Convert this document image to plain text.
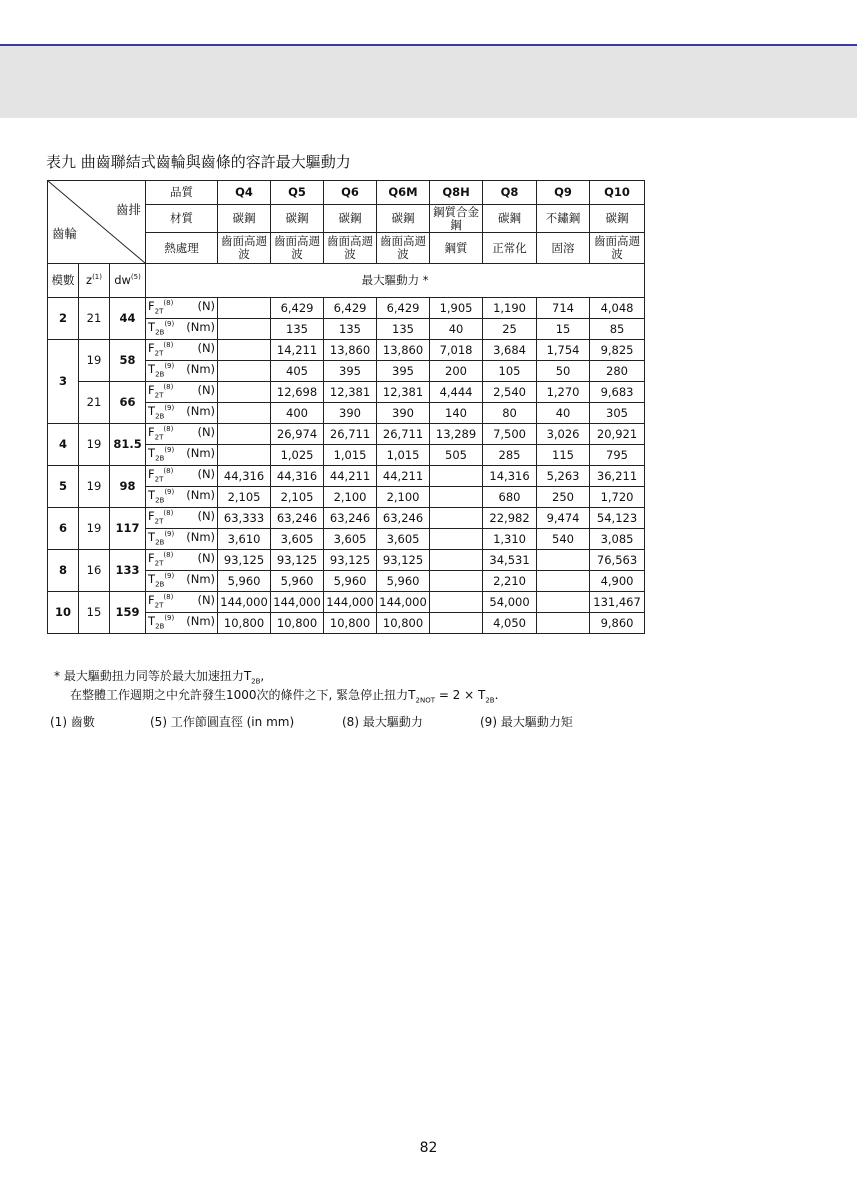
表九 曲齒聯結式齒輪與齒條的容許最大驅動力
齒排
齒輪			品質	Q4	Q5	Q6	Q6M	Q8H	Q8	Q9	Q10
			材質	碳鋼	碳鋼	碳鋼	碳鋼	鋼質合金鋼	碳鋼	不鏽鋼	碳鋼
			熱處理	齒面高週波	齒面高週波	齒面高週波	齒面高週波	鋼質	正常化	固溶	齒面高週波
模數	$z^{(1)}$	$dw^{(5)}$	最大驅動力 *								
2	21	44	$F_{2T}^{(8)}$ (N)		6,429	6,429	6,429	1,905	1,190	714	4,048

			$T_{2B}^{(9)}$ (Nm)		135	135	135	40	25	15	85
3	19	58	$F_{2T}^{(8)}$ (N)		14,211	13,860	13,860	7,018	3,684	1,754	9,825

			$T_{2B}^{(9)}$ (Nm)		405	395	395	200	105	50	280
	21	66	$F_{2T}^{(8)}$ (N)		12,698	12,381	12,381	4,444	2,540	1,270	9,683

			$T_{2B}^{(9)}$ (Nm)		400	390	390	140	80	40	305
4	19	81.5	$F_{2T}^{(8)}$ (N)		26,974	26,711	26,711	13,289	7,500	3,026	20,921

			$T_{2B}^{(9)}$ (Nm)		1,025	1,015	1,015	505	285	115	795
5	19	98	$F_{2T}^{(8)}$ (N)	44,316	44,316	44,211	44,211		14,316	5,263	36,211

			$T_{2B}^{(9)}$ (Nm)	2,105	2,105	2,100	2,100		680	250	1,720
6	19	117	$F_{2T}^{(8)}$ (N)	63,333	63,246	63,246	63,246		22,982	9,474	54,123

			$T_{2B}^{(9)}$ (Nm)	3,610	3,605	3,605	3,605		1,310	540	3,085
8	16	133	$F_{2T}^{(8)}$ (N)	93,125	93,125	93,125	93,125		34,531		76,563

			$T_{2B}^{(9)}$ (Nm)	5,960	5,960	5,960	5,960		2,210		4,900
10	15	159	$F_{2T}^{(8)}$ (N)	144,000	144,000	144,000	144,000		54,000		131,467

			$T_{2B}^{(9)}$ (Nm)	10,800	10,800	10,800	10,800		4,050		9,860
* 最大驅動扭力同等於最大加速扭力$T_{2B}$,
在整體工作週期之中允許發生1000次的條件之下, 緊急停止扭力$T_{2NOT} = 2 \times T_{2B}$.
(1) 齒數	(5) 工作節圓直徑 (in mm)	(8) 最大驅動力	(9) 最大驅動力矩
82
